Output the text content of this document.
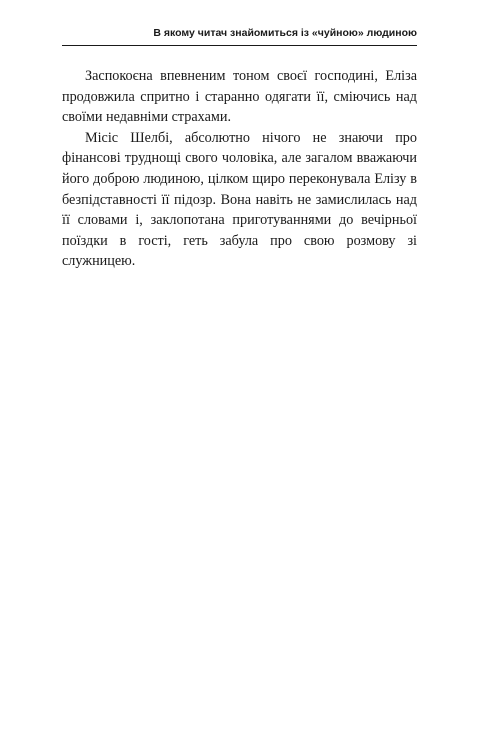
В якому читач знайомиться із «чуйною» людиною

Заспокоєна впевненим тоном своєї господині, Еліза продовжила спритно і старанно одягати її, сміючись над своїми недавніми страхами.

Місіс Шелбі, абсолютно нічого не знаючи про фінансові труднощі свого чоловіка, але загалом вважаючи його доброю людиною, цілком щиро переконувала Елізу в безпідставності її підозр. Вона навіть не замислилась над її словами і, заклопотана приготуваннями до вечірньої поїздки в гості, геть забула про свою розмову зі служницею.
